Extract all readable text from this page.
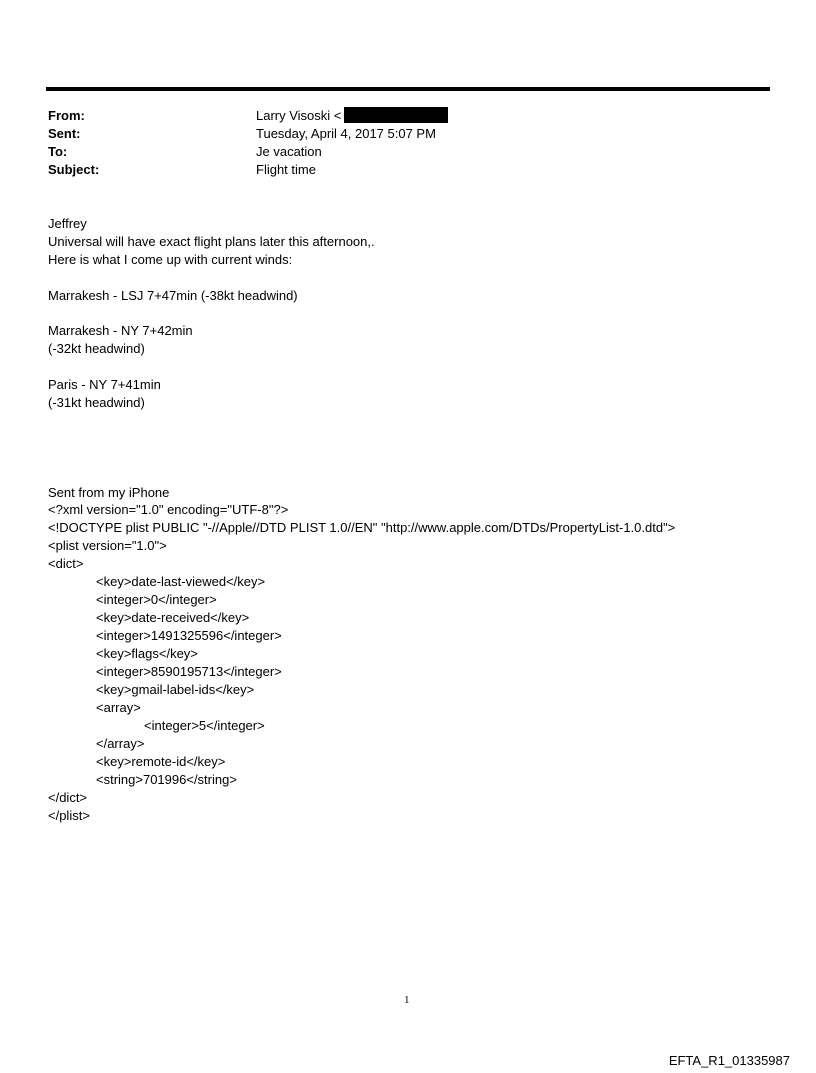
From:	Larry Visoski <
Sent:	Tuesday, April 4, 2017 5:07 PM
To:	Je vacation
Subject:	Flight time
Jeffrey
Universal will have exact flight plans later this afternoon,.
Here is what I come up with current winds:
Marrakesh - LSJ 7+47min (-38kt headwind)
Marrakesh - NY 7+42min
(-32kt headwind)
Paris - NY 7+41min
(-31kt headwind)
Sent from my iPhone
<?xml version="1.0" encoding="UTF-8"?>
<!DOCTYPE plist PUBLIC "-//Apple//DTD PLIST 1.0//EN" "http://www.apple.com/DTDs/PropertyList-1.0.dtd">
<plist version="1.0">
<dict>
<key>date-last-viewed</key>
<integer>0</integer>
<key>date-received</key>
<integer>1491325596</integer>
<key>flags</key>
<integer>8590195713</integer>
<key>gmail-label-ids</key>
<array>
<integer>5</integer>
</array>
<key>remote-id</key>
<string>701996</string>
</dict>
</plist>
1
EFTA_R1_01335987
